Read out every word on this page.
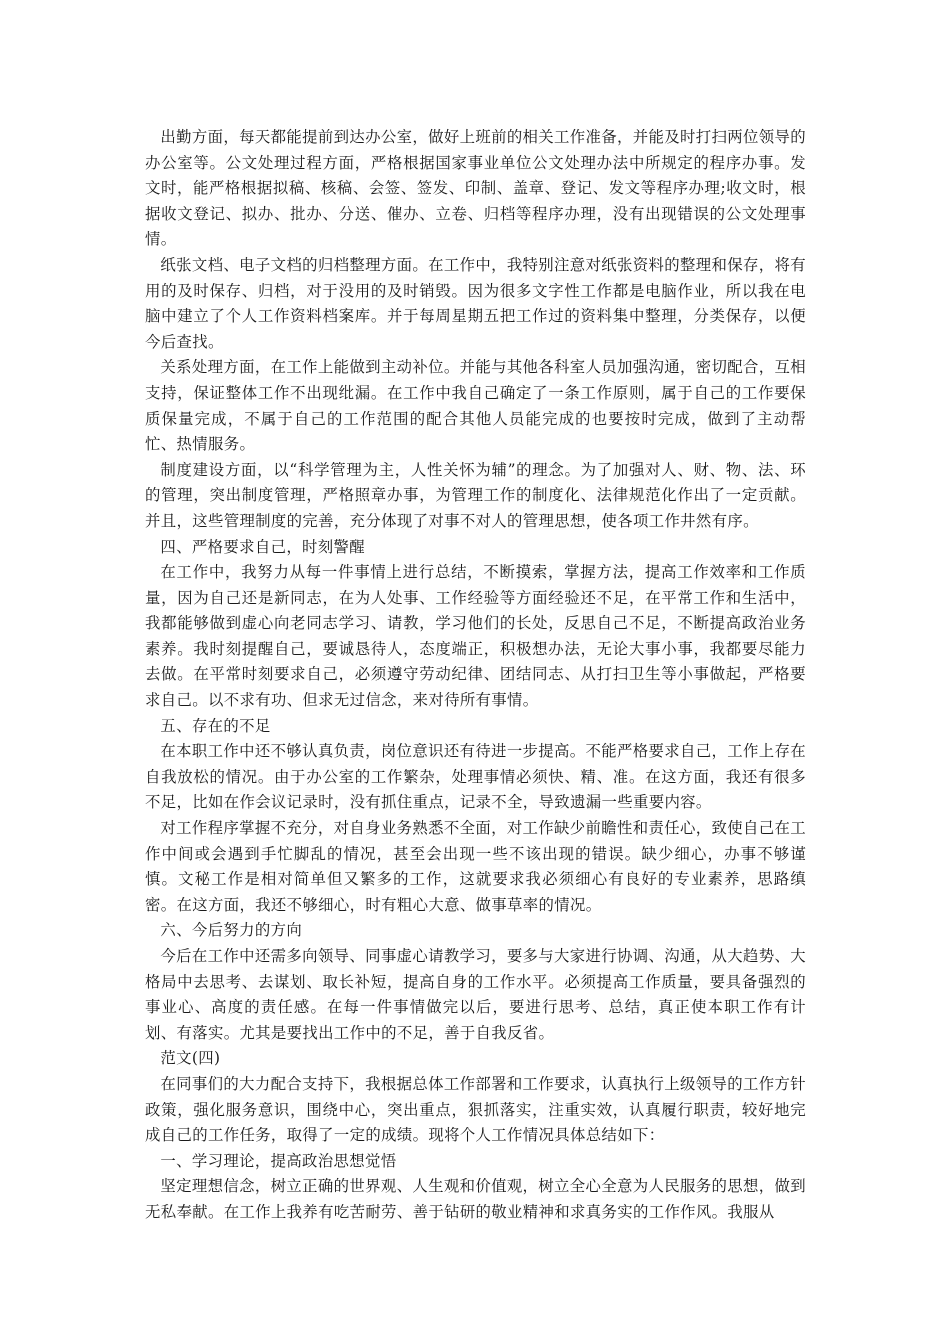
出勤方面，每天都能提前到达办公室，做好上班前的相关工作准备，并能及时打扫两位领导的办公室等。公文处理过程方面，严格根据国家事业单位公文处理办法中所规定的程序办事。发文时，能严格根据拟稿、核稿、会签、签发、印制、盖章、登记、发文等程序办理;收文时，根据收文登记、拟办、批办、分送、催办、立卷、归档等程序办理，没有出现错误的公文处理事情。

纸张文档、电子文档的归档整理方面。在工作中，我特别注意对纸张资料的整理和保存，将有用的及时保存、归档，对于没用的及时销毁。因为很多文字性工作都是电脑作业，所以我在电脑中建立了个人工作资料档案库。并于每周星期五把工作过的资料集中整理，分类保存，以便今后查找。

关系处理方面，在工作上能做到主动补位。并能与其他各科室人员加强沟通，密切配合，互相支持，保证整体工作不出现纰漏。在工作中我自己确定了一条工作原则，属于自己的工作要保质保量完成，不属于自己的工作范围的配合其他人员能完成的也要按时完成，做到了主动帮忙、热情服务。

制度建设方面，以“科学管理为主，人性关怀为辅”的理念。为了加强对人、财、物、法、环的管理，突出制度管理，严格照章办事，为管理工作的制度化、法律规范化作出了一定贡献。并且，这些管理制度的完善，充分体现了对事不对人的管理思想，使各项工作井然有序。

四、严格要求自己，时刻警醒

在工作中，我努力从每一件事情上进行总结，不断摸索，掌握方法，提高工作效率和工作质量，因为自己还是新同志，在为人处事、工作经验等方面经验还不足，在平常工作和生活中，我都能够做到虚心向老同志学习、请教，学习他们的长处，反思自己不足，不断提高政治业务素养。我时刻提醒自己，要诚恳待人，态度端正，积极想办法，无论大事小事，我都要尽能力去做。在平常时刻要求自己，必须遵守劳动纪律、团结同志、从打扫卫生等小事做起，严格要求自己。以不求有功、但求无过信念，来对待所有事情。

五、存在的不足

在本职工作中还不够认真负责，岗位意识还有待进一步提高。不能严格要求自己，工作上存在自我放松的情况。由于办公室的工作繁杂，处理事情必须快、精、准。在这方面，我还有很多不足，比如在作会议记录时，没有抓住重点，记录不全，导致遗漏一些重要内容。

对工作程序掌握不充分，对自身业务熟悉不全面，对工作缺少前瞻性和责任心，致使自己在工作中间或会遇到手忙脚乱的情况，甚至会出现一些不该出现的错误。缺少细心，办事不够谨慎。文秘工作是相对简单但又繁多的工作，这就要求我必须细心有良好的专业素养，思路缜密。在这方面，我还不够细心，时有粗心大意、做事草率的情况。

六、今后努力的方向

今后在工作中还需多向领导、同事虚心请教学习，要多与大家进行协调、沟通，从大趋势、大格局中去思考、去谋划、取长补短，提高自身的工作水平。必须提高工作质量，要具备强烈的事业心、高度的责任感。在每一件事情做完以后，要进行思考、总结，真正使本职工作有计划、有落实。尤其是要找出工作中的不足，善于自我反省。

范文(四)

在同事们的大力配合支持下，我根据总体工作部署和工作要求，认真执行上级领导的工作方针政策，强化服务意识，围绕中心，突出重点，狠抓落实，注重实效，认真履行职责，较好地完成自己的工作任务，取得了一定的成绩。现将个人工作情况具体总结如下：

一、学习理论，提高政治思想觉悟

坚定理想信念，树立正确的世界观、人生观和价值观，树立全心全意为人民服务的思想，做到无私奉献。在工作上我养有吃苦耐劳、善于钻研的敬业精神和求真务实的工作作风。我服从
